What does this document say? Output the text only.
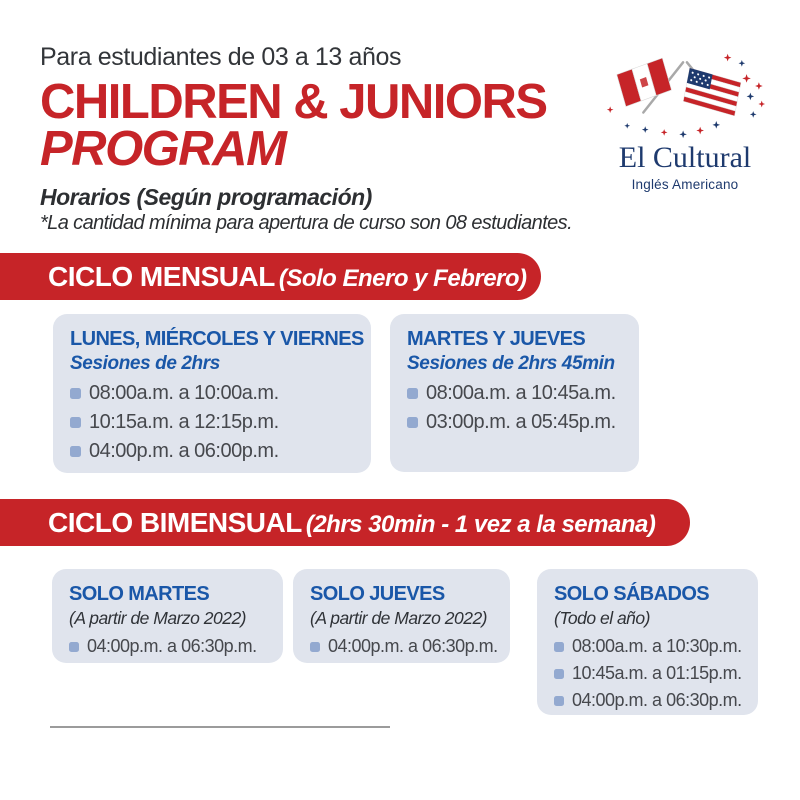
Para estudiantes de 03 a 13 años
CHILDREN & JUNIORS
PROGRAM
Horarios (Según programación)
*La cantidad mínima para apertura de curso son 08 estudiantes.
El Cultural
Inglés Americano
CICLO MENSUAL (Solo Enero y Febrero)
LUNES, MIÉRCOLES Y VIERNES
Sesiones de 2hrs
08:00a.m. a 10:00a.m.
10:15a.m. a 12:15p.m.
04:00p.m. a 06:00p.m.
MARTES Y JUEVES
Sesiones de 2hrs 45min
08:00a.m. a 10:45a.m.
03:00p.m. a 05:45p.m.
CICLO BIMENSUAL (2hrs 30min - 1 vez a la semana)
SOLO MARTES
(A partir de Marzo 2022)
04:00p.m. a 06:30p.m.
SOLO JUEVES
(A partir de Marzo 2022)
04:00p.m. a 06:30p.m.
SOLO SÁBADOS
(Todo el año)
08:00a.m. a 10:30p.m.
10:45a.m. a 01:15p.m.
04:00p.m. a 06:30p.m.
